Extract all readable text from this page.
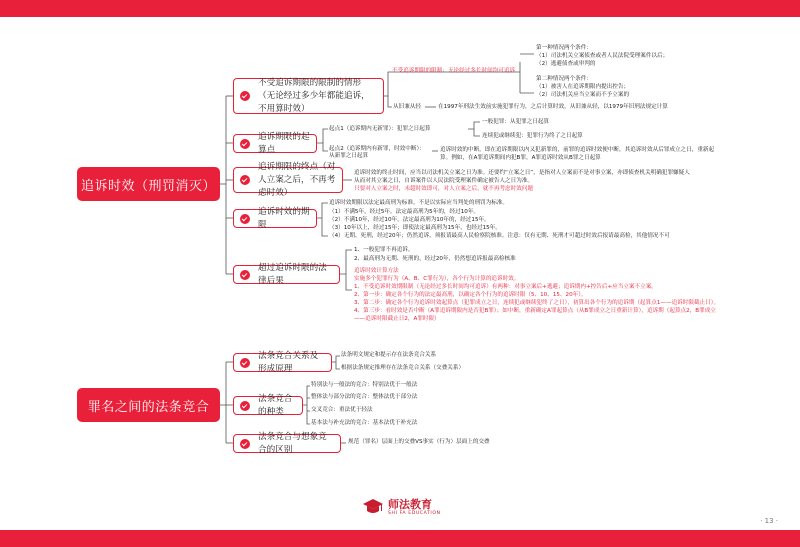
追诉时效（刑罚消灭）
不受追诉期限的限制的情形（无论经过多少年都能追诉，不用算时效）
不受追诉期限的限制：无论经过多长时间均可追诉
第一种情况两个条件：
（1）司法机关立案侦查或者人民法院受理案件以后；
（2）逃避侦查或审判的
第二种情况两个条件：
（1）被害人在追诉期限内提出控告；
（2）司法机关应当立案而不予立案的
从旧兼从轻	在1997年刑法生效前实施犯罪行为，之后计算时效，从旧兼从轻，以1979年旧刑法规定计算
追诉期限的起算点
起点1（追诉期内无新罪）：犯罪之日起算
一般犯罪：从犯罪之日起算
连续犯或继续犯：犯罪行为终了之日起算
起点2（追诉期内有新罪，时效中断）：从新罪之日起算
追诉时效的中断，即在追诉期限以内又犯新罪的，前罪的追诉时效便中断，其追诉时效从后罪成立之日，重新起
算。例如，在A罪追诉期间内犯B罪，A罪追诉时效从B罪之日起算
追诉期限的终点（对人立案之后，不再考虑时效）
追诉时效的终止时间，应当以司法机关立案之日为准。还要约“立案之日”，是指对人立案而不是对事立案，亦即侦查机关明确犯罪嫌疑人
从而对其立案之日，自诉案件以人民法院受理案件确定被告人之日为准。
只要对人立案之时，未超时效即可，对人立案之后，就不再考虑时效问题
追诉时效的期限
追诉时效期限以法定最高刑为标准。不是以实际应当判处的刑罚为标准。
（1）不满5年，经过5年。法定最高刑为5年的，经过10年。
（2）不满10年，经过10年。法定最高刑为10年的，经过15年。
（3）10年以上，经过15年；即使法定最高刑为15年，也经过15年。
（4）无期、死刑，经过20年；仍然追诉，须报请最高人民检察院核准。注意：仅有无期、死刑才可超过时效后报请最高检，其他情况不可
超过追诉时限的法律后果
1、一般犯罪不再追诉。
2、最高刑为无期、死刑的，经过20年，仍然想追诉报最高检核准
追诉时效计算方法
实施多个犯罪行为（A、B、C罪行为），各个行为计算的追诉时效。
1、不受追诉时效期限制（无论经过多长时间均可追诉）有两种：对事立案后+逃避；追诉期内+控告后+应当立案不立案。
2、第一步：确定各个行为的法定最高刑，以确定各个行为的追诉时限（5、10、15、20年）。
3、第二步：确定各个行为追诉时效起算点（犯罪成立之日，连续犯或继续犯终了之日），初算出各个行为的追诉期（起算点1——追诉时限截止日）。
4、第三步：看时效是否中断（A罪追诉期限内是否犯B罪）；如中断，重新确定A罪起算点（从B罪成立之日重新计算），追诉期（起算点2，B罪成立
——追诉时限截止日2，A罪时限）
罪名之间的法条竞合
法条竞合关系及形成原理
法条明文规定和提示存在法条竞合关系
根据法条规定推理存在法条竞合关系（交叠关系）
法条竞合的种类
特别法与一般法的竞合：特别法优于一般法
整体法与部分法的竞合：整体法优于部分法
交叉竞合：重法优于轻法
基本法与补充法的竞合：基本法优于补充法
法条竞合与想象竞合的区别
规范（罪名）层面上的交叠VS事实（行为）层面上的交叠
师法教育
SHI FA EDUCATION
· 13 ·
